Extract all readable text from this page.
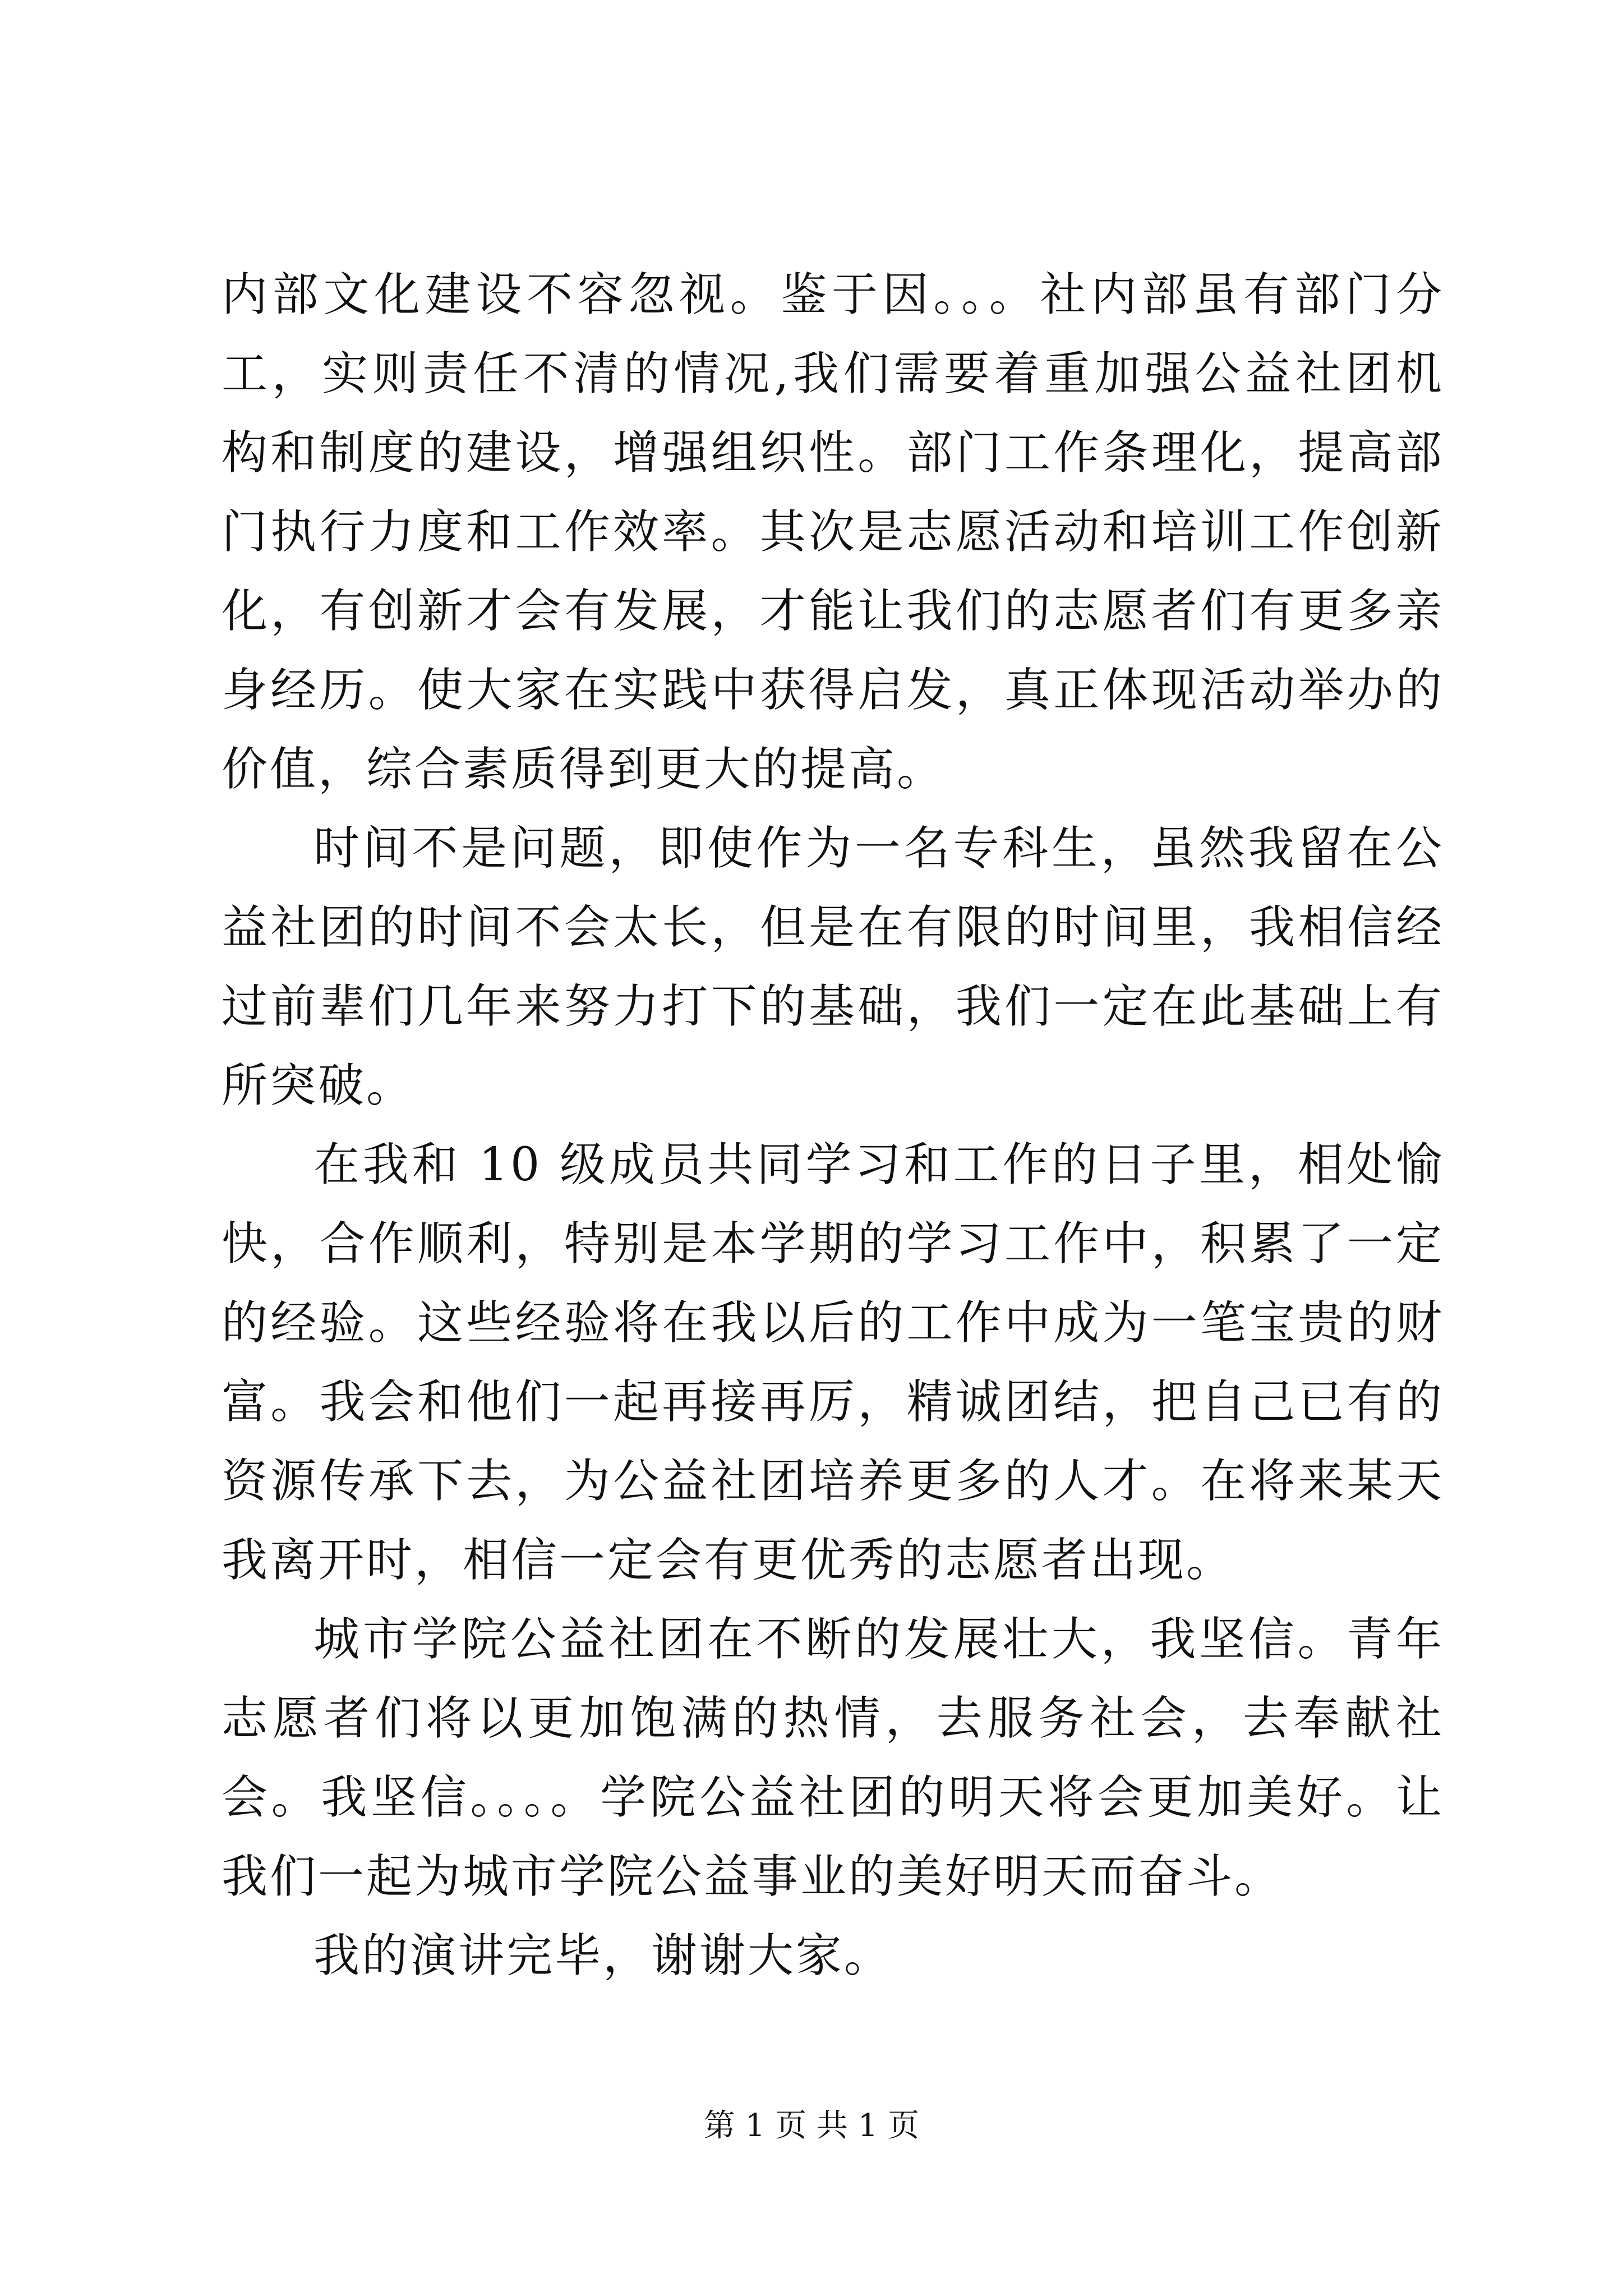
内部文化建设不容忽视。鉴于因。。。社内部虽有部门分工，实则责任不清的情况,我们需要着重加强公益社团机构和制度的建设，增强组织性。部门工作条理化，提高部门执行力度和工作效率。其次是志愿活动和培训工作创新化，有创新才会有发展，才能让我们的志愿者们有更多亲身经历。使大家在实践中获得启发，真正体现活动举办的价值，综合素质得到更大的提高。

时间不是问题，即使作为一名专科生，虽然我留在公益社团的时间不会太长，但是在有限的时间里，我相信经过前辈们几年来努力打下的基础，我们一定在此基础上有所突破。

在我和 10 级成员共同学习和工作的日子里，相处愉快，合作顺利，特别是本学期的学习工作中，积累了一定的经验。这些经验将在我以后的工作中成为一笔宝贵的财富。我会和他们一起再接再厉，精诚团结，把自己已有的资源传承下去，为公益社团培养更多的人才。在将来某天我离开时，相信一定会有更优秀的志愿者出现。

城市学院公益社团在不断的发展壮大，我坚信。青年志愿者们将以更加饱满的热情，去服务社会，去奉献社会。我坚信。。。。学院公益社团的明天将会更加美好。让我们一起为城市学院公益事业的美好明天而奋斗。

我的演讲完毕，谢谢大家。

第 1 页 共 1 页
